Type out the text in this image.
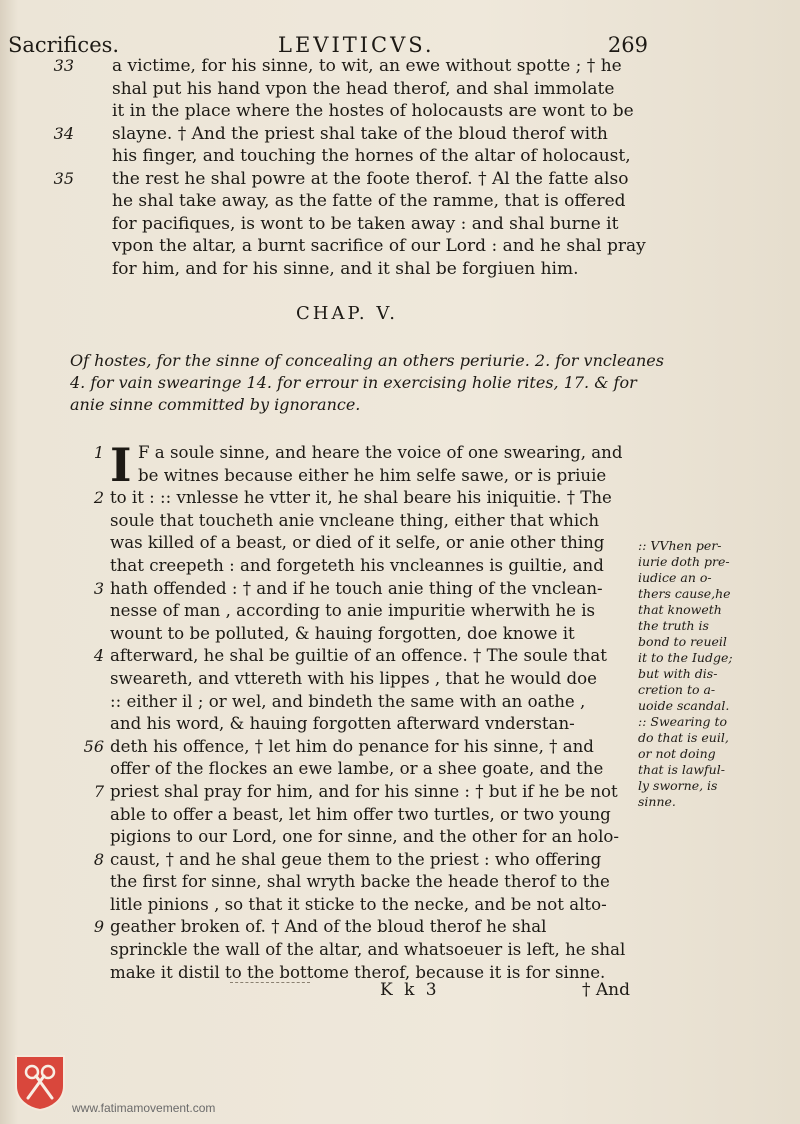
Sacrifices.	LEVITICVS.	269
33 a victime, for his sinne, to wit, an ewe without spotte ; † he
shal put his hand vpon the head therof, and shal immolate
it in the place where the hostes of holocausts are wont to be
34 slayne. † And the priest shal take of the bloud therof with
his finger, and touching the hornes of the altar of holocaust,
35 the rest he shal powre at the foote therof. † Al the fatte also
he shal take away, as the fatte of the ramme, that is offered
for pacifiques, is wont to be taken away : and shal burne it
vpon the altar, a burnt sacrifice of our Lord : and he shal pray
for him, and for his sinne, and it shal be forgiuen him.
CHAP. V.
Of hostes, for the sinne of concealing an others periurie. 2. for vncleanes
4. for vain swearinge 14. for errour in exercising holie rites, 17. & for
anie sinne committed by ignorance.
I
1 F a soule sinne, and heare the voice of one swearing, and
be witnes because either he him selfe sawe, or is priuie
2 to it : :: vnlesse he vtter it, he shal beare his iniquitie. † The
soule that toucheth anie vncleane thing, either that which
was killed of a beast, or died of it selfe, or anie other thing
that creepeth : and forgeteth his vncleannes is guiltie, and
3 hath offended : † and if he touch anie thing of the vnclean-
nesse of man , according to anie impuritie wherwith he is
wount to be polluted, & hauing forgotten, doe knowe it
4 afterward, he shal be guiltie of an offence. † The soule that
sweareth, and vttereth with his lippes , that he would doe
:: either il ; or wel, and bindeth the same with an oathe ,
and his word, & hauing forgotten afterward vnderstan-
56 deth his offence, † let him do penance for his sinne, † and
offer of the flockes an ewe lambe, or a shee goate, and the
7 priest shal pray for him, and for his sinne : † but if he be not
able to offer a beast, let him offer two turtles, or two young
pigions to our Lord, one for sinne, and the other for an holo-
8 caust, † and he shal geue them to the priest : who offering
the first for sinne, shal wryth backe the heade therof to the
litle pinions , so that it sticke to the necke, and be not alto-
9 geather broken of. † And of the bloud therof he shal
sprinckle the wall of the altar, and whatsoeuer is left, he shal
make it distil to the bottome therof, because it is for sinne.
:: VVhen per-
iurie doth pre-
iudice an o-
thers cause,he
that knoweth
the truth is
bond to reueil
it to the Iudge;
but with dis-
cretion to a-
uoide scandal.
:: Swearing to
do that is euil,
or not doing
that is lawful-
ly sworne, is
sinne.
K k 3	† And
www.fatimamovement.com
